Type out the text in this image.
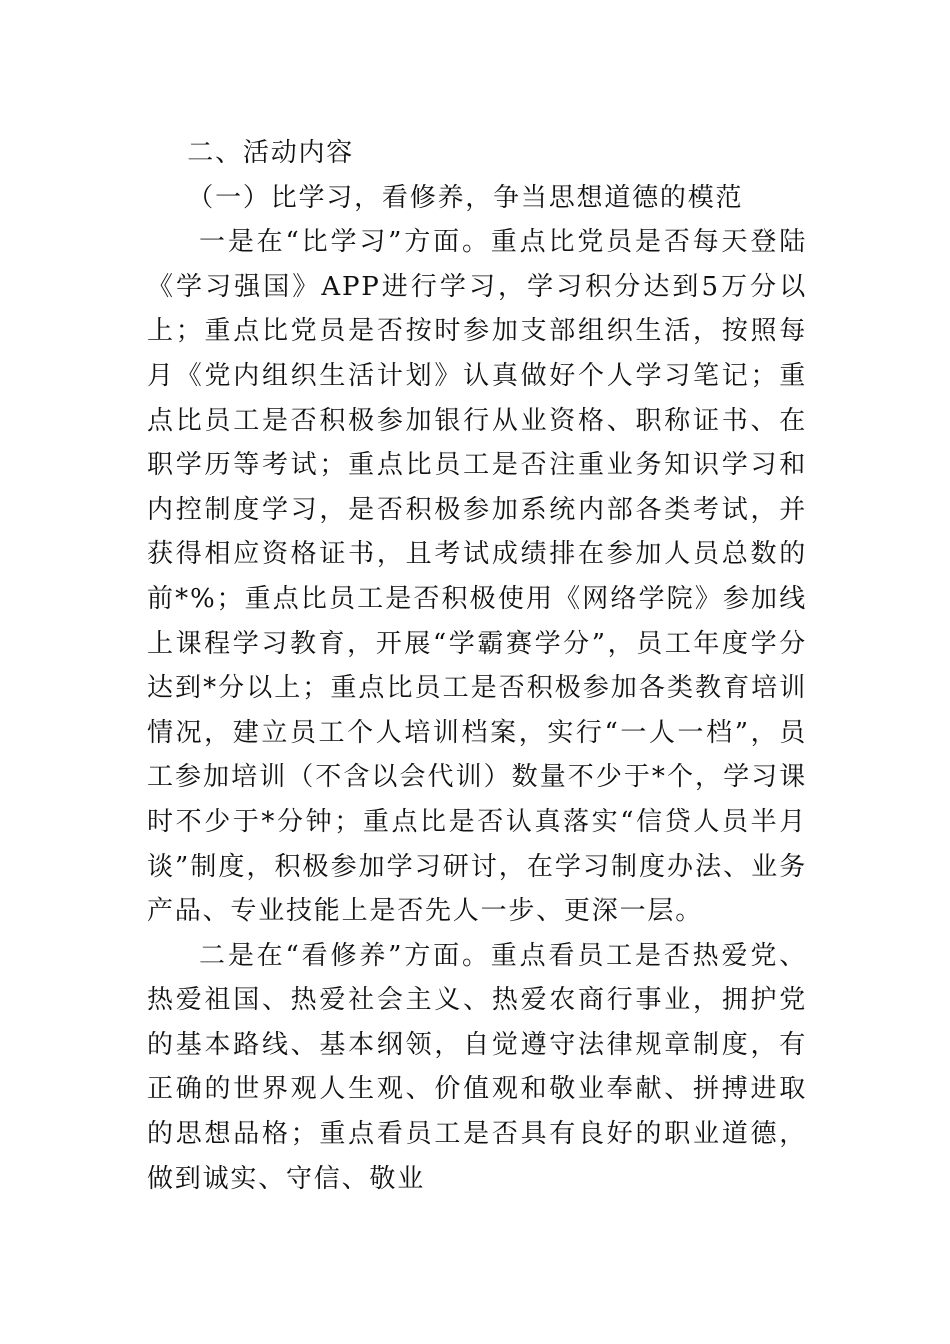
二、活动内容

（一）比学习，看修养，争当思想道德的模范

一是在“比学习”方面。重点比党员是否每天登陆《学习强国》APP进行学习，学习积分达到5万分以上；重点比党员是否按时参加支部组织生活，按照每月《党内组织生活计划》认真做好个人学习笔记；重点比员工是否积极参加银行从业资格、职称证书、在职学历等考试；重点比员工是否注重业务知识学习和内控制度学习，是否积极参加系统内部各类考试，并获得相应资格证书，且考试成绩排在参加人员总数的前*%；重点比员工是否积极使用《网络学院》参加线上课程学习教育，开展“学霸赛学分”，员工年度学分达到*分以上；重点比员工是否积极参加各类教育培训情况，建立员工个人培训档案，实行“一人一档”，员工参加培训（不含以会代训）数量不少于*个，学习课时不少于*分钟；重点比是否认真落实“信贷人员半月谈”制度，积极参加学习研讨，在学习制度办法、业务产品、专业技能上是否先人一步、更深一层。

二是在“看修养”方面。重点看员工是否热爱党、热爱祖国、热爱社会主义、热爱农商行事业，拥护党的基本路线、基本纲领，自觉遵守法律规章制度，有正确的世界观人生观、价值观和敬业奉献、拼搏进取的思想品格；重点看员工是否具有良好的职业道德，做到诚实、守信、敬业
